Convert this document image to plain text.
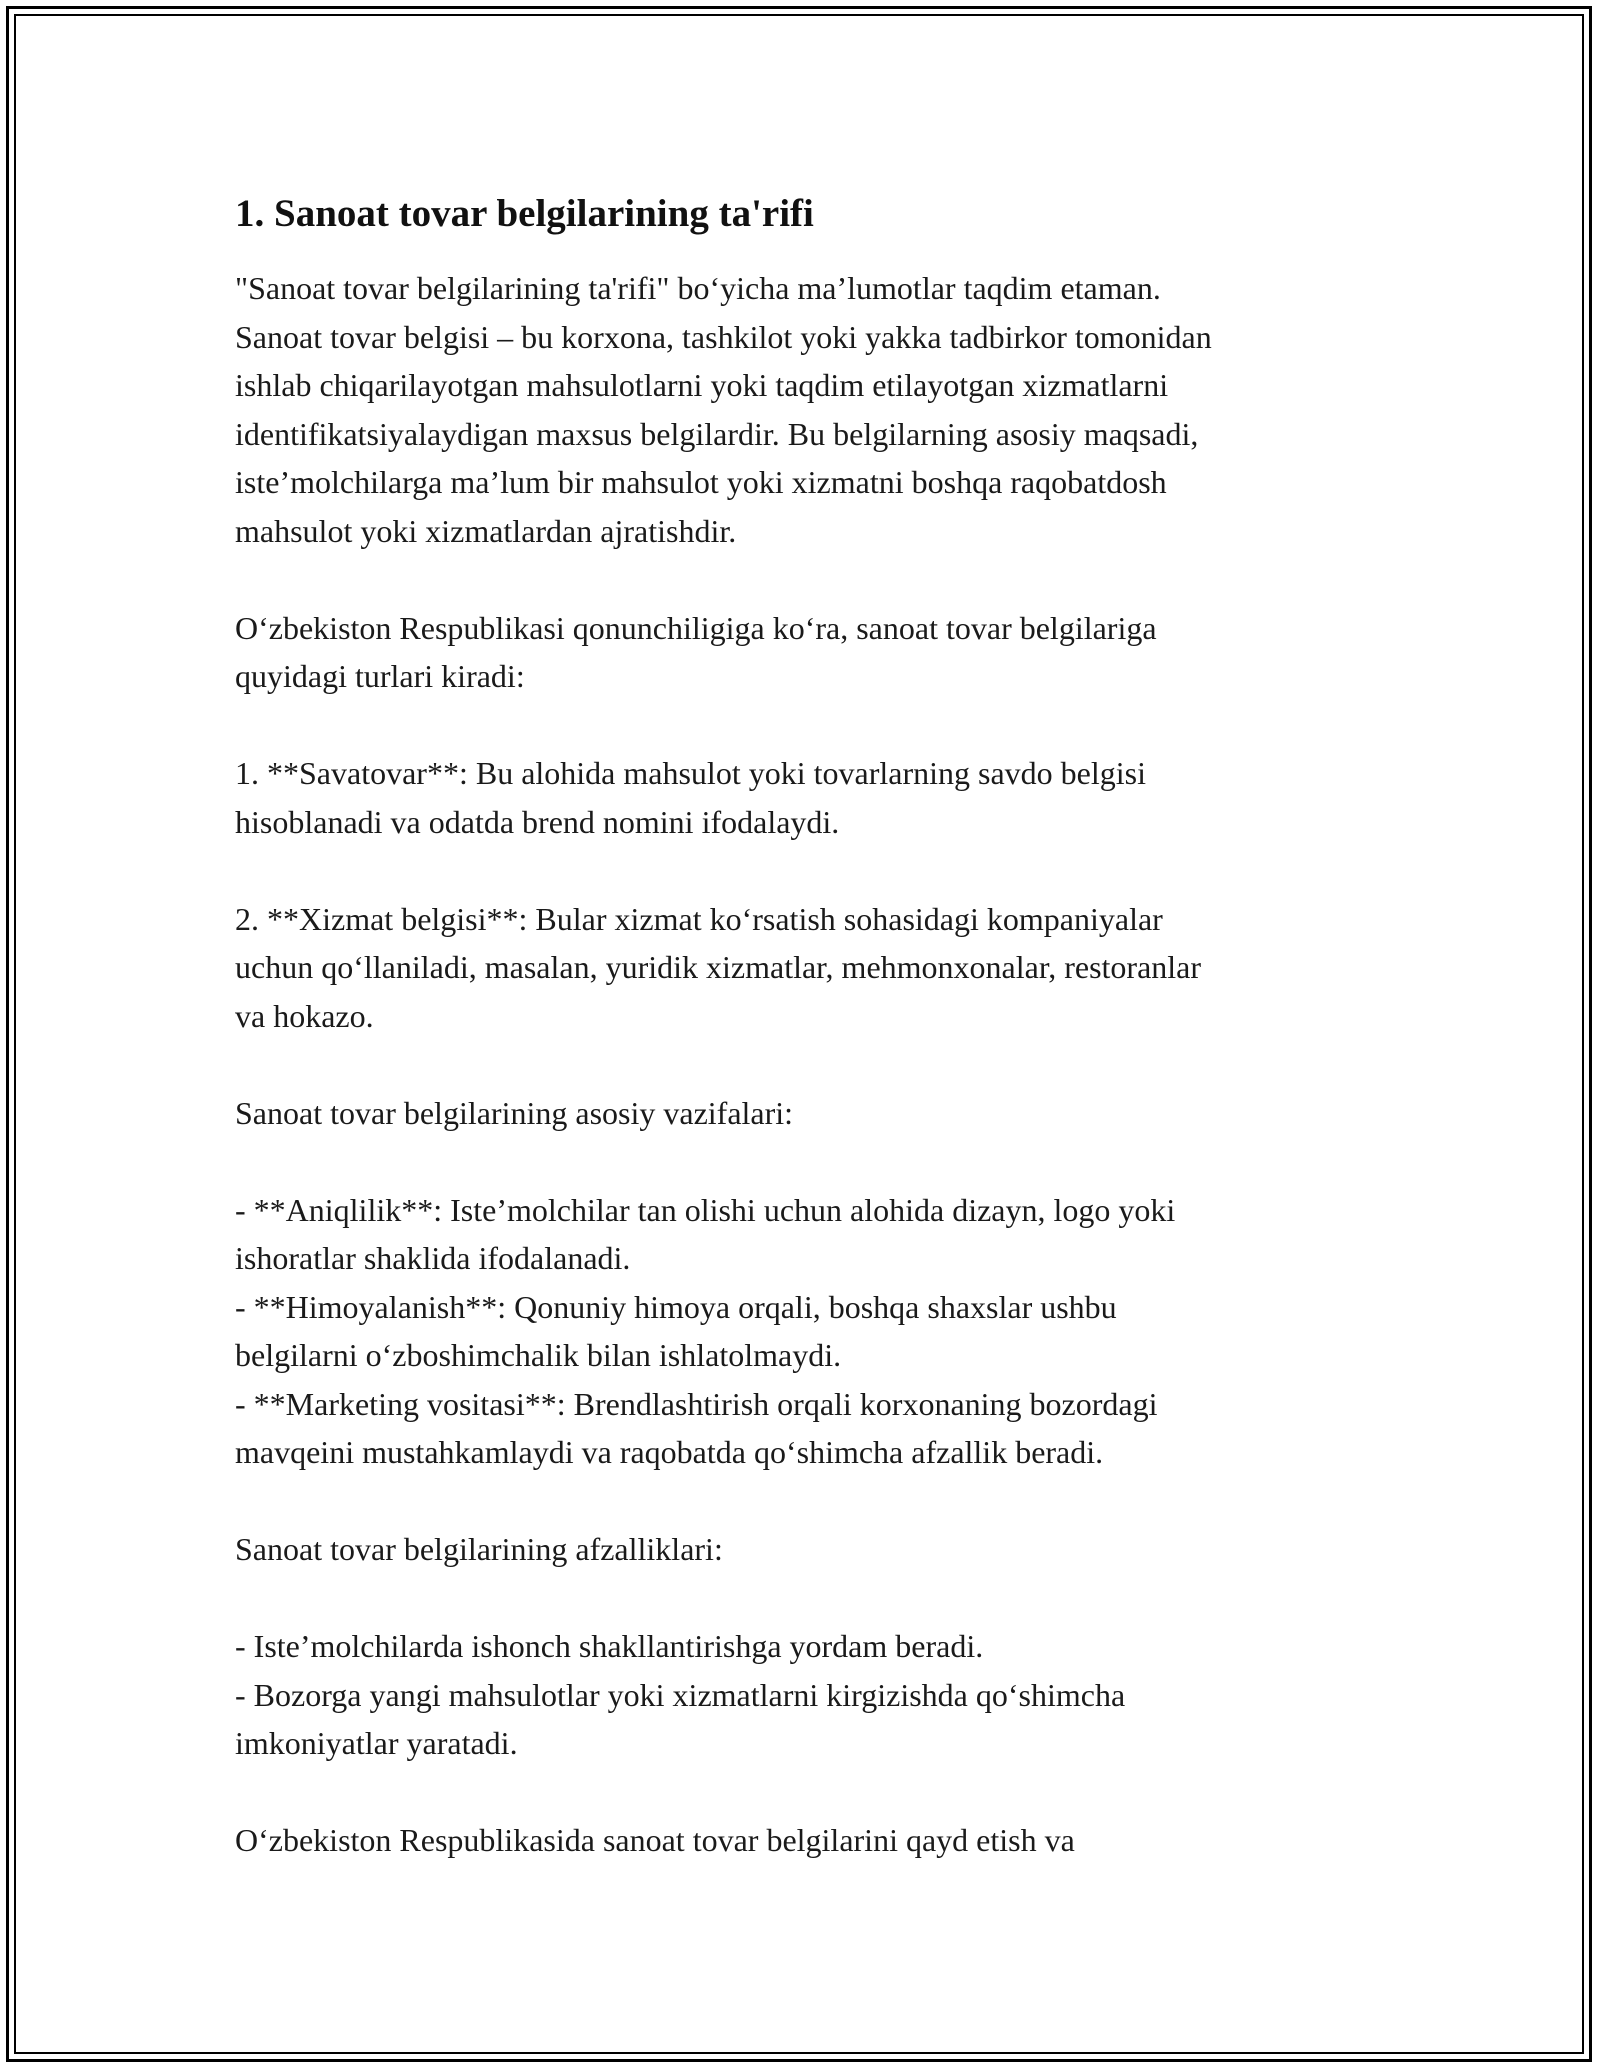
1. Sanoat tovar belgilarining ta'rifi

"Sanoat tovar belgilarining ta'rifi" bo‘yicha ma’lumotlar taqdim etaman.
Sanoat tovar belgisi – bu korxona, tashkilot yoki yakka tadbirkor tomonidan
ishlab chiqarilayotgan mahsulotlarni yoki taqdim etilayotgan xizmatlarni
identifikatsiyalaydigan maxsus belgilardir. Bu belgilarning asosiy maqsadi,
iste’molchilarga ma’lum bir mahsulot yoki xizmatni boshqa raqobatdosh
mahsulot yoki xizmatlardan ajratishdir.

O‘zbekiston Respublikasi qonunchiligiga ko‘ra, sanoat tovar belgilariga
quyidagi turlari kiradi:

1. **Savatovar**: Bu alohida mahsulot yoki tovarlarning savdo belgisi
hisoblanadi va odatda brend nomini ifodalaydi.

2. **Xizmat belgisi**: Bular xizmat ko‘rsatish sohasidagi kompaniyalar
uchun qo‘llaniladi, masalan, yuridik xizmatlar, mehmonxonalar, restoranlar
va hokazo.

Sanoat tovar belgilarining asosiy vazifalari:

- **Aniqlilik**: Iste’molchilar tan olishi uchun alohida dizayn, logo yoki
ishoratlar shaklida ifodalanadi.
- **Himoyalanish**: Qonuniy himoya orqali, boshqa shaxslar ushbu
belgilarni o‘zboshimchalik bilan ishlatolmaydi.
- **Marketing vositasi**: Brendlashtirish orqali korxonaning bozordagi
mavqeini mustahkamlaydi va raqobatda qo‘shimcha afzallik beradi.

Sanoat tovar belgilarining afzalliklari:

- Iste’molchilarda ishonch shakllantirishga yordam beradi.
- Bozorga yangi mahsulotlar yoki xizmatlarni kirgizishda qo‘shimcha
imkoniyatlar yaratadi.

O‘zbekiston Respublikasida sanoat tovar belgilarini qayd etish va
